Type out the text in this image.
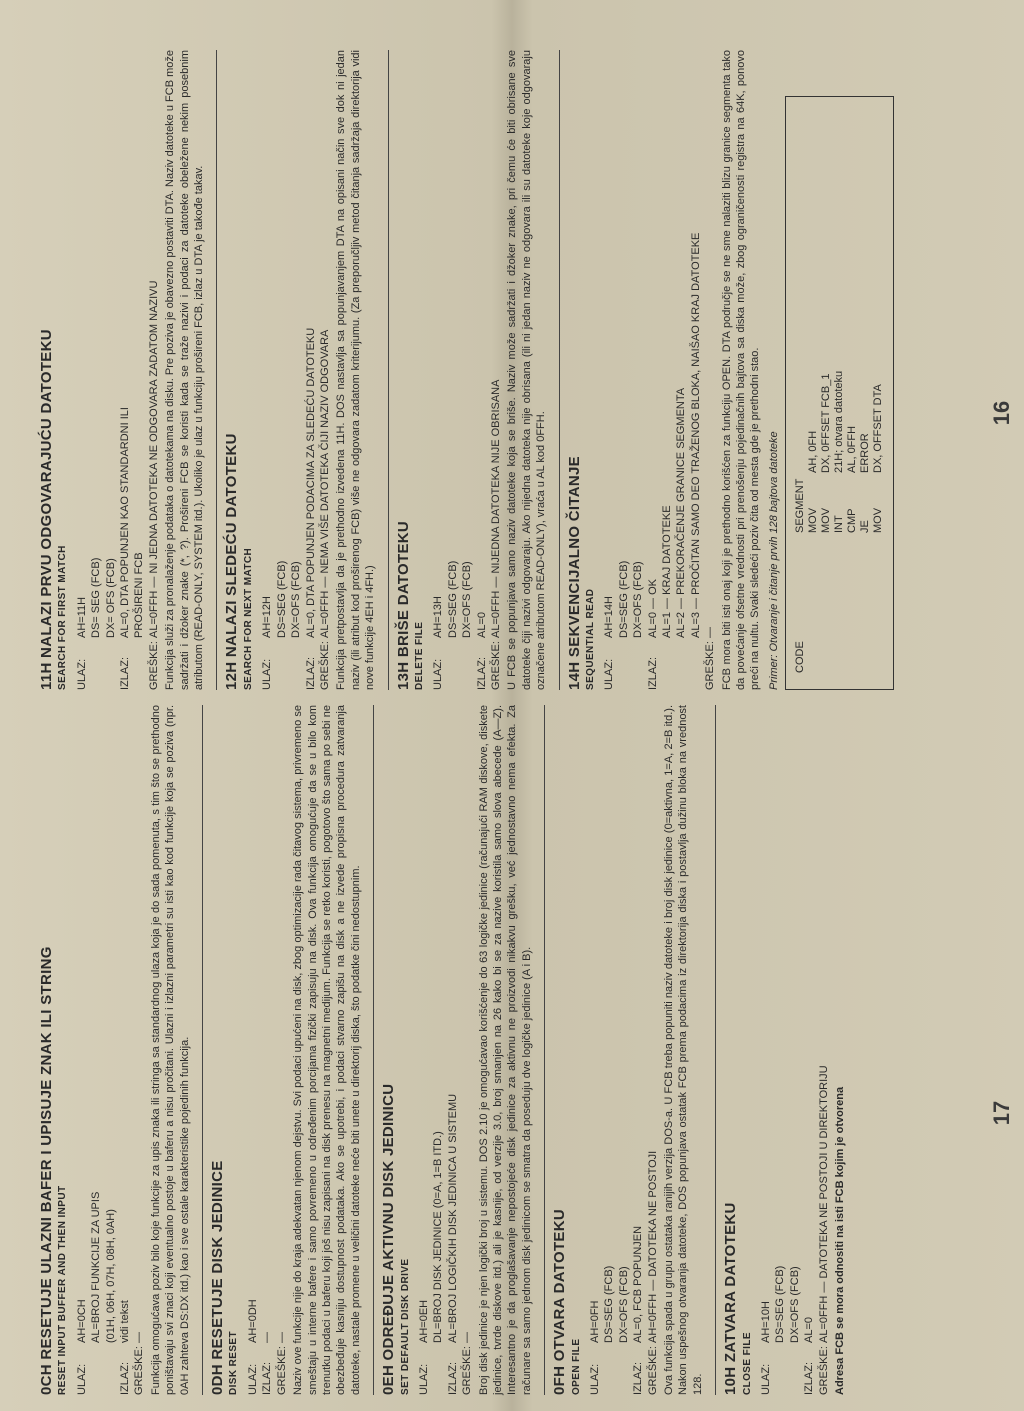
16
17
0CH RESETUJE ULAZNI BAFER I UPISUJE ZNAK ILI STRING RESET INPUT BUFFER AND THEN INPUT ULAZ:
AH=0CH AL=BROJ FUNKCIJE ZA UPIS (01H, 06H, 07H, 08H, 0AH)
IZLAZ:
vidi tekst
GREŠKE:
— Funkcija omogućava poziv bilo koje funkcije za upis znaka ili stringa sa standardnog ulaza koja je do sada pomenuta, s tim što se prethodno poništavaju svi znaci koji eventualno postoje u baferu a nisu pročitani. Ulazni i izlazni parametri su isti kao kod funkcije koja se poziva (npr. 0AH zahteva DS:DX itd.) kao i sve ostale karakteristike pojedinih funkcija. 0DH RESETUJE DISK JEDINICE DISK RESET ULAZ:
AH=0DH
IZLAZ:
—
GREŠKE:
— Naziv ove funkcije nije do kraja adekvatan njenom dejstvu. Svi podaci upućeni na disk, zbog optimizacije rada čitavog sistema, privremeno se smeštaju u interne bafere i samo povremeno u određenim porcijama fizički zapisuju na disk. Ova funkcija omogućuje da se u bilo kom trenutku podaci u baferu koji još nisu zapisani na disk prenesu na magnetni medijum. Funkcija se retko koristi, pogotovo što sama po sebi ne obezbeđuje kasniju dostupnost podataka. Ako se upotrebi, i podaci stvarno zapišu na disk a ne izvede propisna procedura zatvaranja datoteke, nastale promene u veličini datoteke neće biti unete u direktorij diska, što podatke čini nedostupnim. 0EH ODREĐUJE AKTIVNU DISK JEDINICU SET DEFAULT DISK DRIVE ULAZ:
AH=0EH DL=BROJ DISK JEDINICE (0=A, 1=B ITD.)
IZLAZ:
AL=BROJ LOGIČKIH DISK JEDINICA U SISTEMU
GREŠKE:
— Broj disk jedinice je njen logički broj u sistemu. DOS 2.10 je omogućavao korišćenje do 63 logičke jedinice (računajući RAM diskove, diskete jedinice, tvrde diskove itd.) ali je kasnije, od verzije 3.0, broj smanjen na 26 kako bi se za nazive koristila samo slova abecede (A—Z). Interesantno je da proglašavanje nepostojeće disk jedinice za aktivnu ne proizvodi nikakvu grešku, već jednostavno nema efekta. Za računare sa samo jednom disk jedinicom se smatra da poseduju dve logičke jedinice (A i B). 0FH OTVARA DATOTEKU OPEN FILE ULAZ:
AH=0FH DS=SEG (FCB) DX=OFS (FCB)
IZLAZ:
AL=0, FCB POPUNJEN
GREŠKE:
AH=0FFH — DATOTEKA NE POSTOJI Ova funkcija spada u grupu ostataka ranijih verzija DOS-a. U FCB treba popuniti naziv datoteke i broj disk jedinice (0=aktivna, 1=A, 2=B itd.). Nakon uspešnog otvaranja datoteke, DOS popunjava ostatak FCB prema podacima iz direktorija diska i postavlja dužinu bloka na vrednost 128. 10H ZATVARA DATOTEKU CLOSE FILE ULAZ:
AH=10H DS=SEG (FCB) DX=OFS (FCB)
IZLAZ:
AL=0
GREŠKE:
AL=0FFH — DATOTEKA NE POSTOJI U DIREKTORIJU Adresa FCB se mora odnositi na isti FCB kojim je otvorena

11H NALAZI PRVU ODGOVARAJUĆU DATOTEKU SEARCH FOR FIRST MATCH ULAZ:
AH=11H DS= SEG (FCB) DX= OFS (FCB)
IZLAZ:
AL=0, DTA POPUNJEN KAO STANDARDNI ILI PROŠIRENI FCB
GREŠKE:
AL=0FFH — NI JEDNA DATOTEKA NE ODGOVARA ZADATOM NAZIVU Funkcija služi za pronalaženje podataka o datotekama na disku. Pre poziva je obavezno postaviti DTA. Naziv datoteke u FCB može sadržati i džoker znake (*, ?). Prošireni FCB se koristi kada se traže nazivi i podaci za datoteke obeležene nekim posebnim atributom (READ-ONLY, SYSTEM itd.). Ukoliko je ulaz u funkciju prošireni FCB, izlaz u DTA je takođe takav. 12H NALAZI SLEDEĆU DATOTEKU SEARCH FOR NEXT MATCH ULAZ:
AH=12H DS=SEG (FCB) DX=OFS (FCB)
IZLAZ:
AL=0, DTA POPUNJEN PODACIMA ZA SLEDEĆU DATOTEKU
GREŠKE:
AL=0FFH — NEMA VIŠE DATOTEKA ČIJI NAZIV ODGOVARA Funkcija pretpostavlja da je prethodno izvedena 11H. DOS nastavlja sa popunjavanjem DTA na opisani način sve dok ni jedan naziv (ili atribut kod proširenog FCB) više ne odgovara zadatom kriterijumu. (Za preporučljiv metod čitanja sadržaja direktorija vidi nove funkcije 4EH i 4FH.) 13H BRIŠE DATOTEKU DELETE FILE ULAZ:
AH=13H DS=SEG (FCB) DX=OFS (FCB)
IZLAZ:
AL=0
GREŠKE:
AL=0FFH — NIJEDNA DATOTEKA NIJE OBRISANA U FCB se popunjava samo naziv datoteke koja se briše. Naziv može sadržati i džoker znake, pri čemu će biti obrisane sve datoteke čiji nazivi odgovaraju. Ako nijedna datoteka nije obrisana (ili ni jedan naziv ne odgovara ili su datoteke koje odgovaraju označene atributom READ-ONLY), vraća u AL kod 0FFH. 14H SEKVENCIJALNO ČITANJE SEQUENTIAL READ ULAZ:
AH=14H DS=SEG (FCB) DX=OFS (FCB)
IZLAZ:
AL=0 — OK AL=1 — KRAJ DATOTEKE AL=2 — PREKORAČENJE GRANICE SEGMENTA AL=3 — PROČITAN SAMO DEO TRAŽENOG BLOKA, NAIŠAO KRAJ DATOTEKE
GREŠKE:
— FCB mora biti isti onaj koji je prethodno korišćen za funkciju OPEN. DTA područje se ne sme nalaziti blizu granice segmenta tako da povećanje ofsetne vrednosti pri prenošenju pojedinačnih bajtova sa diska može, zbog ograničenosti registra na 64K, ponovo preći na nultu. Svaki sledeći poziv čita od mesta gde je prethodni stao. Primer: Otvaranje i čitanje prvih 128 bajtova datoteke CODE
SEGMENT MOV
AH, 0FH
MOV
DX, 0FFSET FCB_1
INT
21H; otvara datoteku
CMP
AL, 0FFH
JE
ERROR
MOV
DX, OFFSET DTA
